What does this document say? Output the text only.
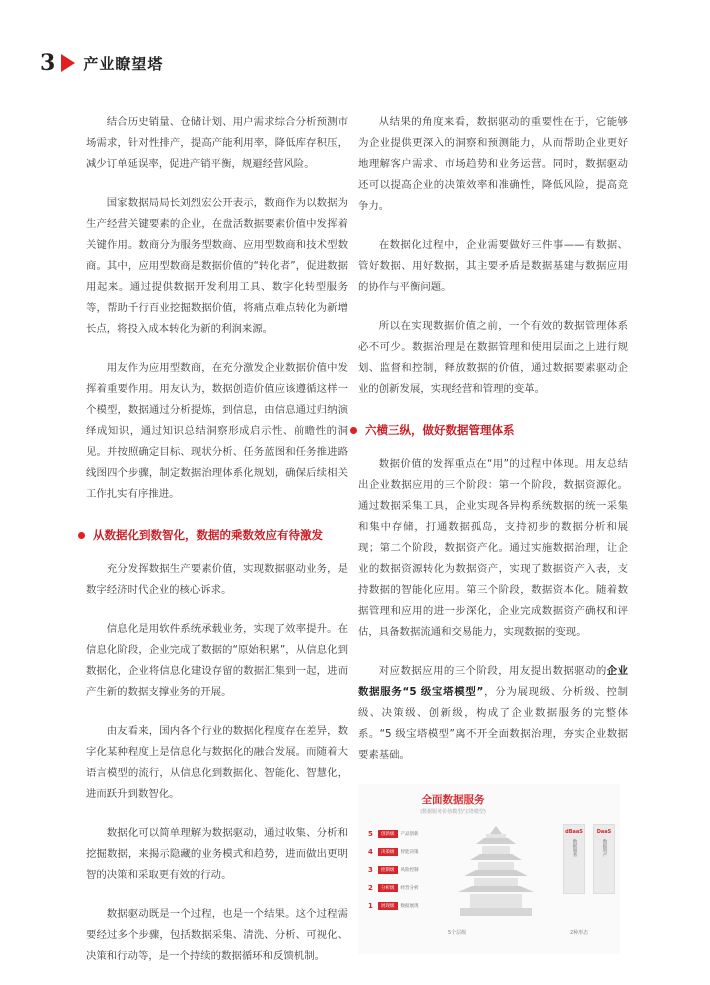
3 产业瞭望塔

结合历史销量、仓储计划、用户需求综合分析预测市场需求，针对性排产，提高产能利用率，降低库存积压，减少订单延误率，促进产销平衡，规避经营风险。

国家数据局局长刘烈宏公开表示，数商作为以数据为生产经营关键要素的企业，在盘活数据要素价值中发挥着关键作用。数商分为服务型数商、应用型数商和技术型数商。其中，应用型数商是数据价值的“转化者”，促进数据用起来。通过提供数据开发利用工具、数字化转型服务等，帮助千行百业挖掘数据价值，将痛点难点转化为新增长点，将投入成本转化为新的利润来源。

用友作为应用型数商，在充分激发企业数据价值中发挥着重要作用。用友认为，数据创造价值应该遵循这样一个模型，数据通过分析提炼，到信息，由信息通过归纳演绎成知识，通过知识总结洞察形成启示性、前瞻性的洞见。并按照确定目标、现状分析、任务蓝图和任务推进路线图四个步骤，制定数据治理体系化规划，确保后续相关工作扎实有序推进。

从数据化到数智化，数据的乘数效应有待激发

充分发挥数据生产要素价值，实现数据驱动业务，是数字经济时代企业的核心诉求。

信息化是用软件系统承载业务，实现了效率提升。在信息化阶段，企业完成了数据的“原始积累”，从信息化到数据化，企业将信息化建设存留的数据汇集到一起，进而产生新的数据支撑业务的开展。

由友看来，国内各个行业的数据化程度存在差异，数字化某种程度上是信息化与数据化的融合发展。而随着大语言模型的流行，从信息化到数据化、智能化、智慧化，进而跃升到数智化。

数据化可以简单理解为数据驱动，通过收集、分析和挖掘数据，来揭示隐藏的业务模式和趋势，进而做出更明智的决策和采取更有效的行动。

数据驱动既是一个过程，也是一个结果。这个过程需要经过多个步骤，包括数据采集、清洗、分析、可视化、决策和行动等，是一个持续的数据循环和反馈机制。

从结果的角度来看，数据驱动的重要性在于，它能够为企业提供更深入的洞察和预测能力，从而帮助企业更好地理解客户需求、市场趋势和业务运营。同时，数据驱动还可以提高企业的决策效率和准确性，降低风险，提高竞争力。

在数据化过程中，企业需要做好三件事——有数据、管好数据、用好数据，其主要矛盾是数据基建与数据应用的协作与平衡问题。

所以在实现数据价值之前，一个有效的数据管理体系必不可少。数据治理是在数据管理和使用层面之上进行规划、监督和控制，释放数据的价值，通过数据要素驱动企业的创新发展，实现经营和管理的变革。

六横三纵，做好数据管理体系

数据价值的发挥重点在“用”的过程中体现。用友总结出企业数据应用的三个阶段：第一个阶段，数据资源化。通过数据采集工具，企业实现各异构系统数据的统一采集和集中存储，打通数据孤岛，支持初步的数据分析和展现；第二个阶段，数据资产化。通过实施数据治理，让企业的数据资源转化为数据资产，实现了数据资产入表，支持数据的智能化应用。第三个阶段，数据资本化。随着数据管理和应用的进一步深化，企业完成数据资产确权和评估，具备数据流通和交易能力，实现数据的变现。

对应数据应用的三个阶段，用友提出数据驱动的企业数据服务“5 级宝塔模型”，分为展现级、分析级、控制级、决策级、创新级，构成了企业数据服务的完整体系。“5 级宝塔模型”离不开全面数据治理，夯实企业数据要素基础。

全面数据服务
(数据服务价值模型/宝塔模型)
5	创新级	产品创新
4	决策级	智能决策
3	控制级	风险控制
2	分析级	经营分析
1	展现级	数据展现
5个层级
dBaaS
数据服务
DaaS
数据资产
2种形态
